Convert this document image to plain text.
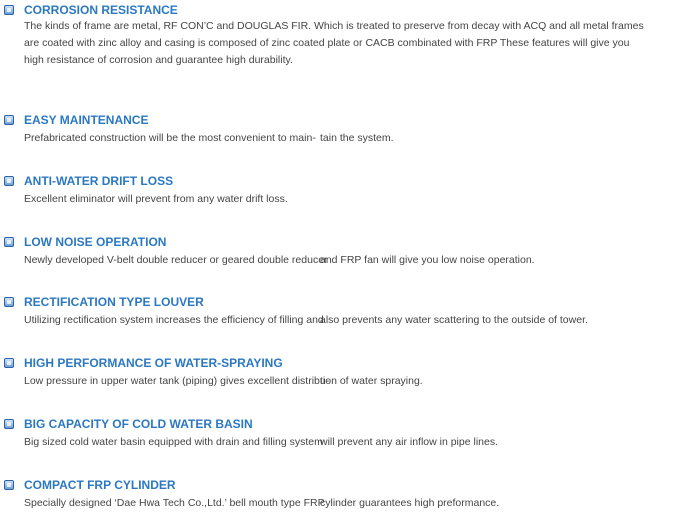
CORROSION RESISTANCE
The kinds of frame are metal, RF CON’C and DOUGLAS FIR. Which is treated to preserve from decay with ACQ and all metal frames
are coated with zinc alloy and casing is composed of zinc coated plate or CACB combinated with FRP These features will give you
high resistance of corrosion and guarantee high durability.
EASY MAINTENANCE
Prefabricated construction will be the most convenient to main- tain the system.
ANTI-WATER DRIFT LOSS
Excellent eliminator will prevent from any water drift loss.
LOW NOISE OPERATION
Newly developed V-belt double reducer or geared double reducer
and FRP fan will give you low noise operation.
RECTIFICATION TYPE LOUVER
Utilizing rectification system increases the efficiency of filling and
also prevents any water scattering to the outside of tower.
HIGH PERFORMANCE OF WATER-SPRAYING
Low pressure in upper water tank (piping) gives excellent distribu-
tion of water spraying.
BIG CAPACITY OF COLD WATER BASIN
Big sized cold water basin equipped with drain and filling system
will prevent any air inflow in pipe lines.
COMPACT FRP CYLINDER
Specially designed ‘Dae Hwa Tech Co.,Ltd.’ bell mouth type FRP
cylinder guarantees high preformance.
